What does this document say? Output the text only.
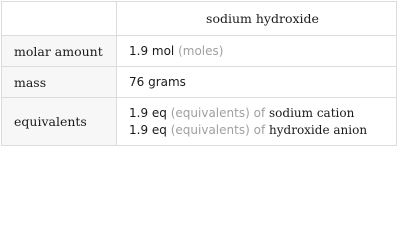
	sodium hydroxide
molar amount	1.9 mol (moles)
mass	76 grams
equivalents	1.9 eq (equivalents) of sodium cation
1.9 eq (equivalents) of hydroxide anion
